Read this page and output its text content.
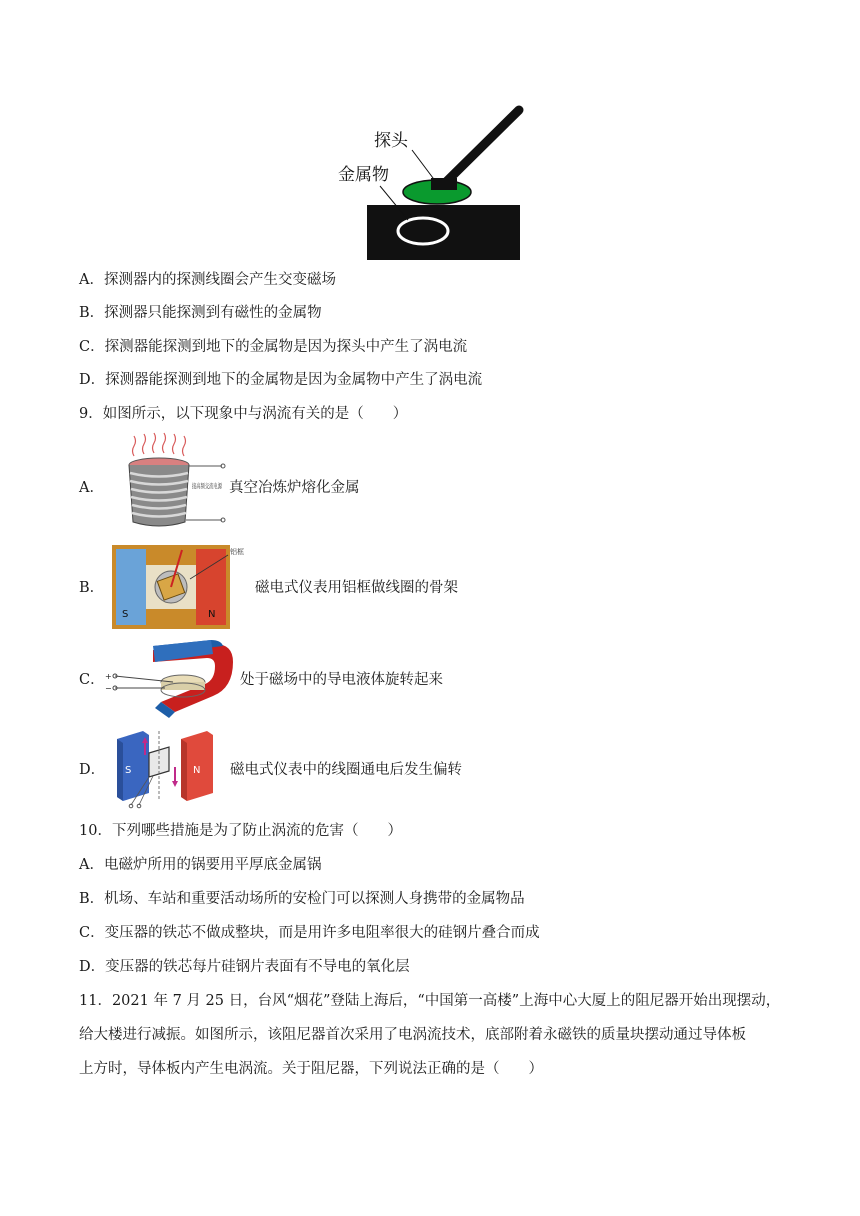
探头
金属物
A．探测器内的探测线圈会产生交变磁场
B．探测器只能探测到有磁性的金属物
C．探测器能探测到地下的金属物是因为探头中产生了涡电流
D．探测器能探测到地下的金属物是因为金属物中产生了涡电流
9．如图所示，以下现象中与涡流有关的是（　　）
A．	接高频交流电源
真空冶炼炉熔化金属
B．
S	N
铝框
磁电式仪表用铝框做线圈的骨架
C． +
−
处于磁场中的导电液体旋转起来
D． S	N 磁电式仪表中的线圈通电后发生偏转
10．下列哪些措施是为了防止涡流的危害（　　）
A．电磁炉所用的锅要用平厚底金属锅
B．机场、车站和重要活动场所的安检门可以探测人身携带的金属物品
C．变压器的铁芯不做成整块，而是用许多电阻率很大的硅钢片叠合而成
D．变压器的铁芯每片硅钢片表面有不导电的氧化层
11．2021 年 7 月 25 日，台风“烟花”登陆上海后，“中国第一高楼”上海中心大厦上的阻尼器开始出现摆动，
给大楼进行减振。如图所示，该阻尼器首次采用了电涡流技术，底部附着永磁铁的质量块摆动通过导体板
上方时，导体板内产生电涡流。关于阻尼器，下列说法正确的是（　　）
